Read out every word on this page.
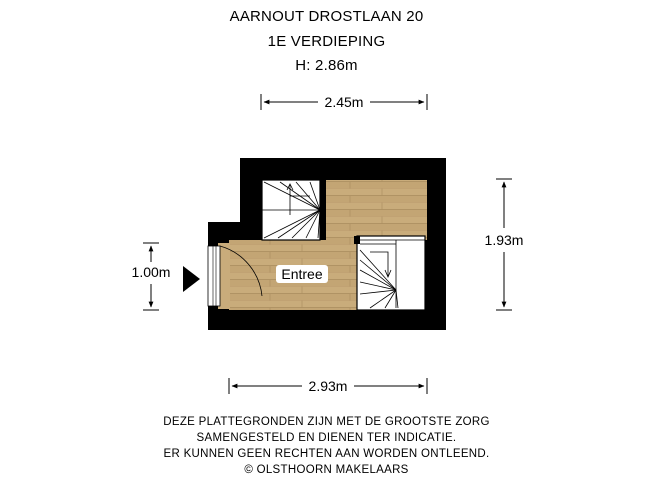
AARNOUT DROSTLAAN 20
1E VERDIEPING
H: 2.86m
Entree
2.45m
2.93m
1.93m
1.00m
DEZE PLATTEGRONDEN ZIJN MET DE GROOTSTE ZORG
SAMENGESTELD EN DIENEN TER INDICATIE.
ER KUNNEN GEEN RECHTEN AAN WORDEN ONTLEEND.
© OLSTHOORN MAKELAARS
